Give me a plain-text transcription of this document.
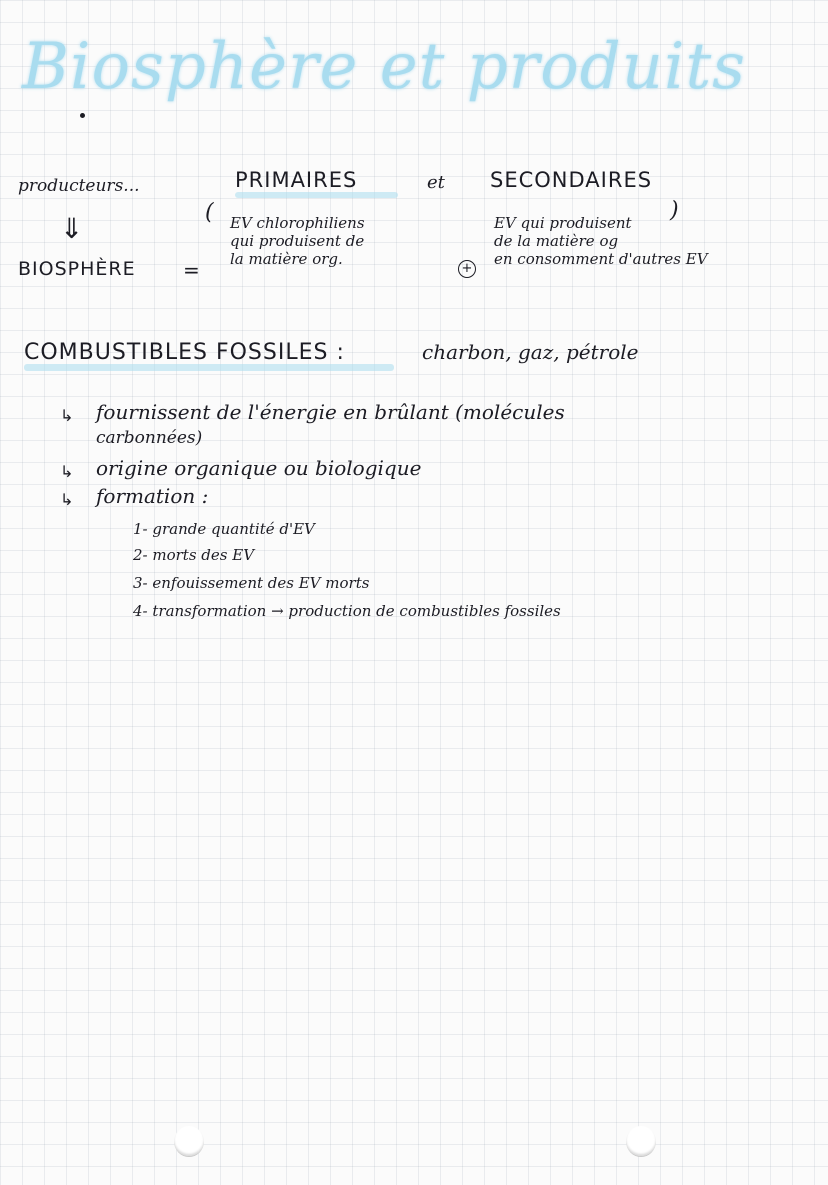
Biosphère et produits
producteurs...
⇓
BIOSPHÈRE =
PRIMAIRES	et SECONDAIRES
( EV chlorophiliens
qui produisent de
la matière org.
+
EV qui produisent
de la matière og
en consomment d'autres EV
)
COMBUSTIBLES FOSSILES :	charbon, gaz, pétrole
↳ fournissent de l'énergie en brûlant (molécules
carbonnées)
↳ origine organique ou biologique
↳ formation :
1- grande quantité d'EV
2- morts des EV
3- enfouissement des EV morts
4- transformation → production de combustibles fossiles
